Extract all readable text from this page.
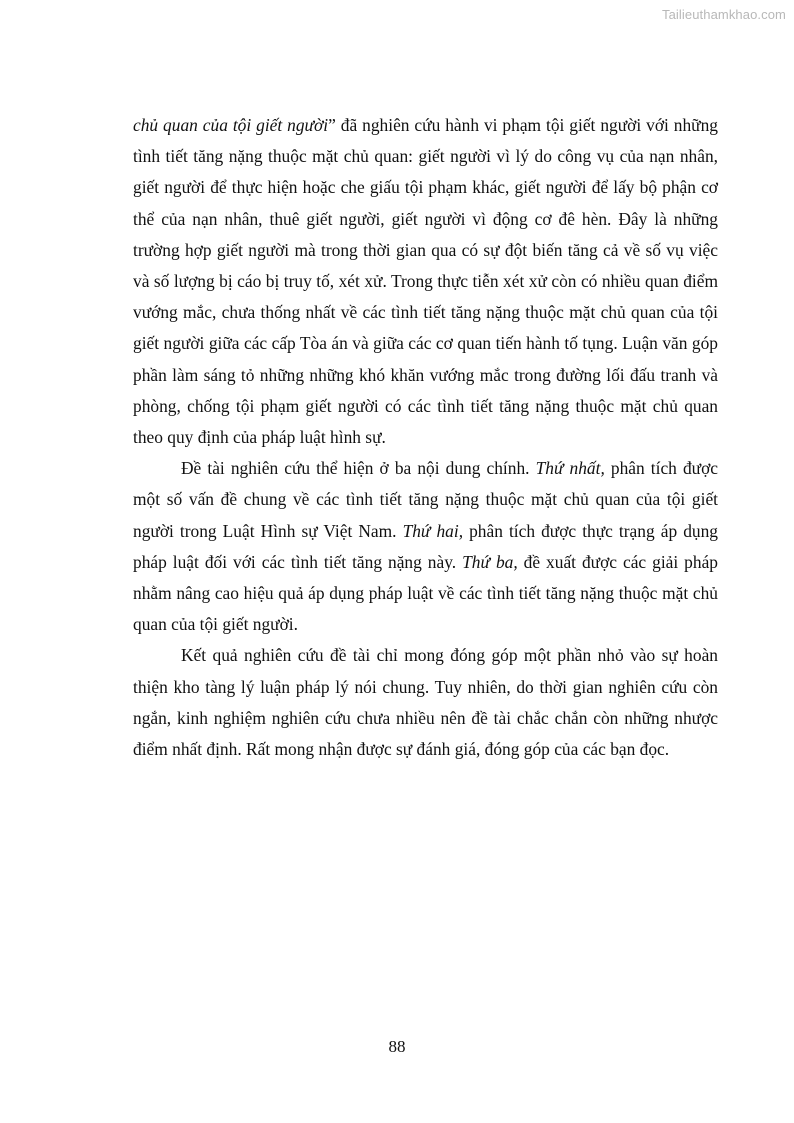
Tailieuthamkhao.com

chủ quan của tội giết người” đã nghiên cứu hành vi phạm tội giết người với những tình tiết tăng nặng thuộc mặt chủ quan: giết người vì lý do công vụ của nạn nhân, giết người để thực hiện hoặc che giấu tội phạm khác, giết người để lấy bộ phận cơ thể của nạn nhân, thuê giết người, giết người vì động cơ đê hèn. Đây là những trường hợp giết người mà trong thời gian qua có sự đột biến tăng cả về số vụ việc và số lượng bị cáo bị truy tố, xét xử. Trong thực tiễn xét xử còn có nhiều quan điểm vướng mắc, chưa thống nhất về các tình tiết tăng nặng thuộc mặt chủ quan của tội giết người giữa các cấp Tòa án và giữa các cơ quan tiến hành tố tụng. Luận văn góp phần làm sáng tỏ những những khó khăn vướng mắc trong đường lối đấu tranh và phòng, chống tội phạm giết người có các tình tiết tăng nặng thuộc mặt chủ quan theo quy định của pháp luật hình sự.

Đề tài nghiên cứu thể hiện ở ba nội dung chính. Thứ nhất, phân tích được một số vấn đề chung về các tình tiết tăng nặng thuộc mặt chủ quan của tội giết người trong Luật Hình sự Việt Nam. Thứ hai, phân tích được thực trạng áp dụng pháp luật đối với các tình tiết tăng nặng này. Thứ ba, đề xuất được các giải pháp nhằm nâng cao hiệu quả áp dụng pháp luật về các tình tiết tăng nặng thuộc mặt chủ quan của tội giết người.

Kết quả nghiên cứu đề tài chỉ mong đóng góp một phần nhỏ vào sự hoàn thiện kho tàng lý luận pháp lý nói chung. Tuy nhiên, do thời gian nghiên cứu còn ngắn, kinh nghiệm nghiên cứu chưa nhiều nên đề tài chắc chắn còn những nhược điểm nhất định. Rất mong nhận được sự đánh giá, đóng góp của các bạn đọc.

88
